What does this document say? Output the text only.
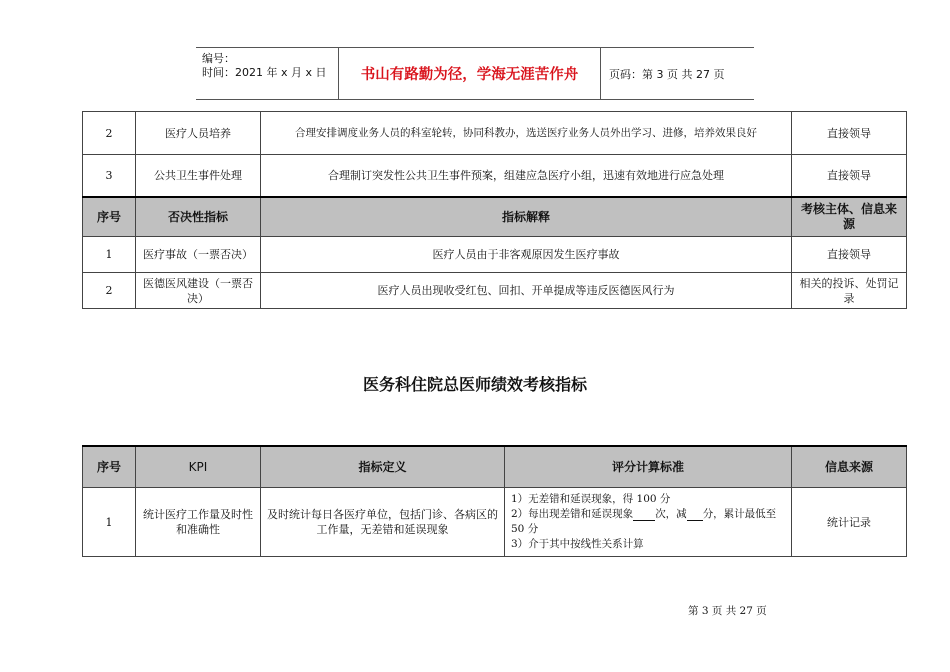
编号：
时间：2021 年 x 月 x 日	书山有路勤为径，学海无涯苦作舟	页码：第 3 页 共 27 页
2	医疗人员培养	合理安排调度业务人员的科室轮转，协同科教办，选送医疗业务人员外出学习、进修，培养效果良好	直接领导
3	公共卫生事件处理	合理制订突发性公共卫生事件预案，组建应急医疗小组，迅速有效地进行应急处理	直接领导
序号	否决性指标	指标解释	考核主体、信息来源
1	医疗事故（一票否决）	医疗人员由于非客观原因发生医疗事故	直接领导
2	医德医风建设（一票否决）	医疗人员出现收受红包、回扣、开单提成等违反医德医风行为	相关的投诉、处罚记录
医务科住院总医师绩效考核指标
序号	KPI	指标定义	评分计算标准	信息来源
1	统计医疗工作量及时性和准确性	及时统计每日各医疗单位，包括门诊、各病区的工作量，无差错和延误现象	1）无差错和延误现象，得 100 分
2）每出现差错和延误现象 次，减 分，累计最低至 50 分
3）介于其中按线性关系计算	统计记录
第 3 页 共 27 页
